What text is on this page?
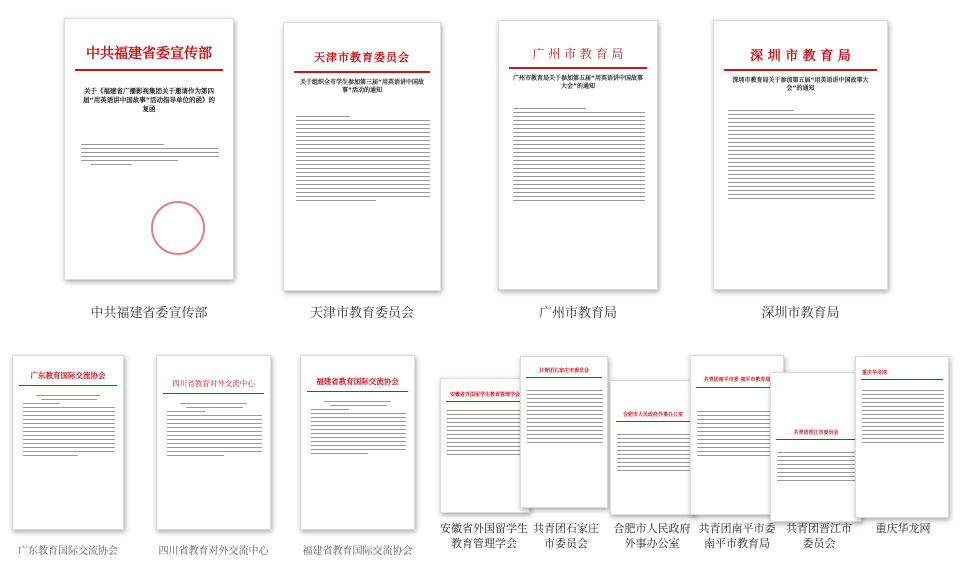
中共福建省委宣传部
关于《福建省广播影视集团关于邀请作为第四届“用英语讲中国故事”活动指导单位的函》的复函
天津市教育委员会
关于组织全市学生参加第三届“用英语讲中国故事”活动的通知
广 州 市 教 育 局
广州市教育局关于参加第五届“用英语讲中国故事大会”的通知
深 圳 市 教 育 局
深圳市教育局关于参加第五届“用英语讲中国故事大会”的通知
中共福建省委宣传部	天津市教育委员会	广州市教育局	深圳市教育局
广东教育国际交流协会
四川省教育对外交流中心	福建省教育国际交流协会
广东教育国际交流协会	四川省教育对外交流中心	福建省教育国际交流协会
安徽省外国留学生教育管理学会
共青团石家庄市委员会
合肥市人民政府外事办公室
共青团南平市委 南平市教育局
共青团晋江市委员会
重庆华龙网
安徽省外国留学生教育管理学会
共青团石家庄市委员会
合肥市人民政府外事办公室
共青团南平市委南平市教育局
共青团晋江市委员会
重庆华龙网
